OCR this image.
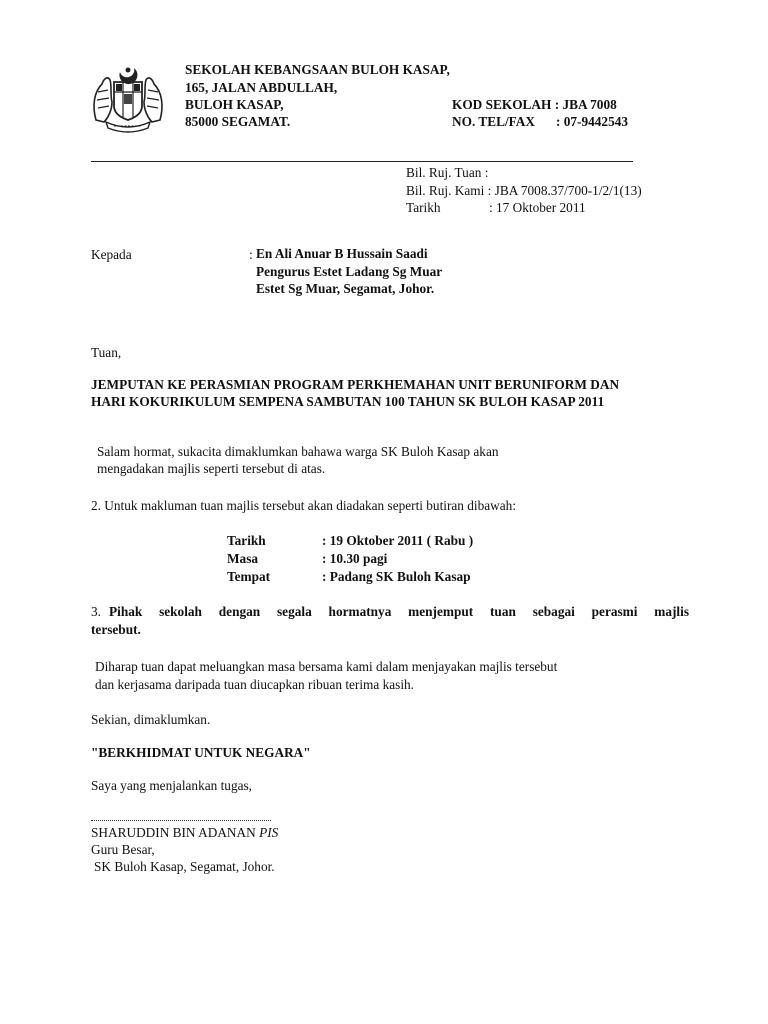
SEKOLAH KEBANGSAAN BULOH KASAP,
165, JALAN ABDULLAH,
BULOH KASAP,
85000 SEGAMAT.
KOD SEKOLAH : JBA 7008
NO. TEL/FAX : 07-9442543
Bil. Ruj. Tuan :
Bil. Ruj. Kami : JBA 7008.37/700-1/2/1(13)
Tarikh	: 17 Oktober 2011
Kepada	: En Ali Anuar B Hussain Saadi
Pengurus Estet Ladang Sg Muar
Estet Sg Muar, Segamat, Johor.
Tuan,
JEMPUTAN KE PERASMIAN PROGRAM PERKHEMAHAN UNIT BERUNIFORM DAN
HARI KOKURIKULUM SEMPENA SAMBUTAN 100 TAHUN SK BULOH KASAP 2011
Salam hormat, sukacita dimaklumkan bahawa warga SK Buloh Kasap akan
mengadakan majlis seperti tersebut di atas.
2. Untuk makluman tuan majlis tersebut akan diadakan seperti butiran dibawah:
Tarikh	: 19 Oktober 2011 ( Rabu )
Masa	: 10.30 pagi
Tempat	: Padang SK Buloh Kasap
3. Pihak sekolah dengan segala hormatnya menjemput tuan sebagai perasmi majlis
tersebut.
Diharap tuan dapat meluangkan masa bersama kami dalam menjayakan majlis tersebut
dan kerjasama daripada tuan diucapkan ribuan terima kasih.
Sekian, dimaklumkan.
"BERKHIDMAT UNTUK NEGARA"
Saya yang menjalankan tugas,
SHARUDDIN BIN ADANAN PIS
Guru Besar,
SK Buloh Kasap, Segamat, Johor.
